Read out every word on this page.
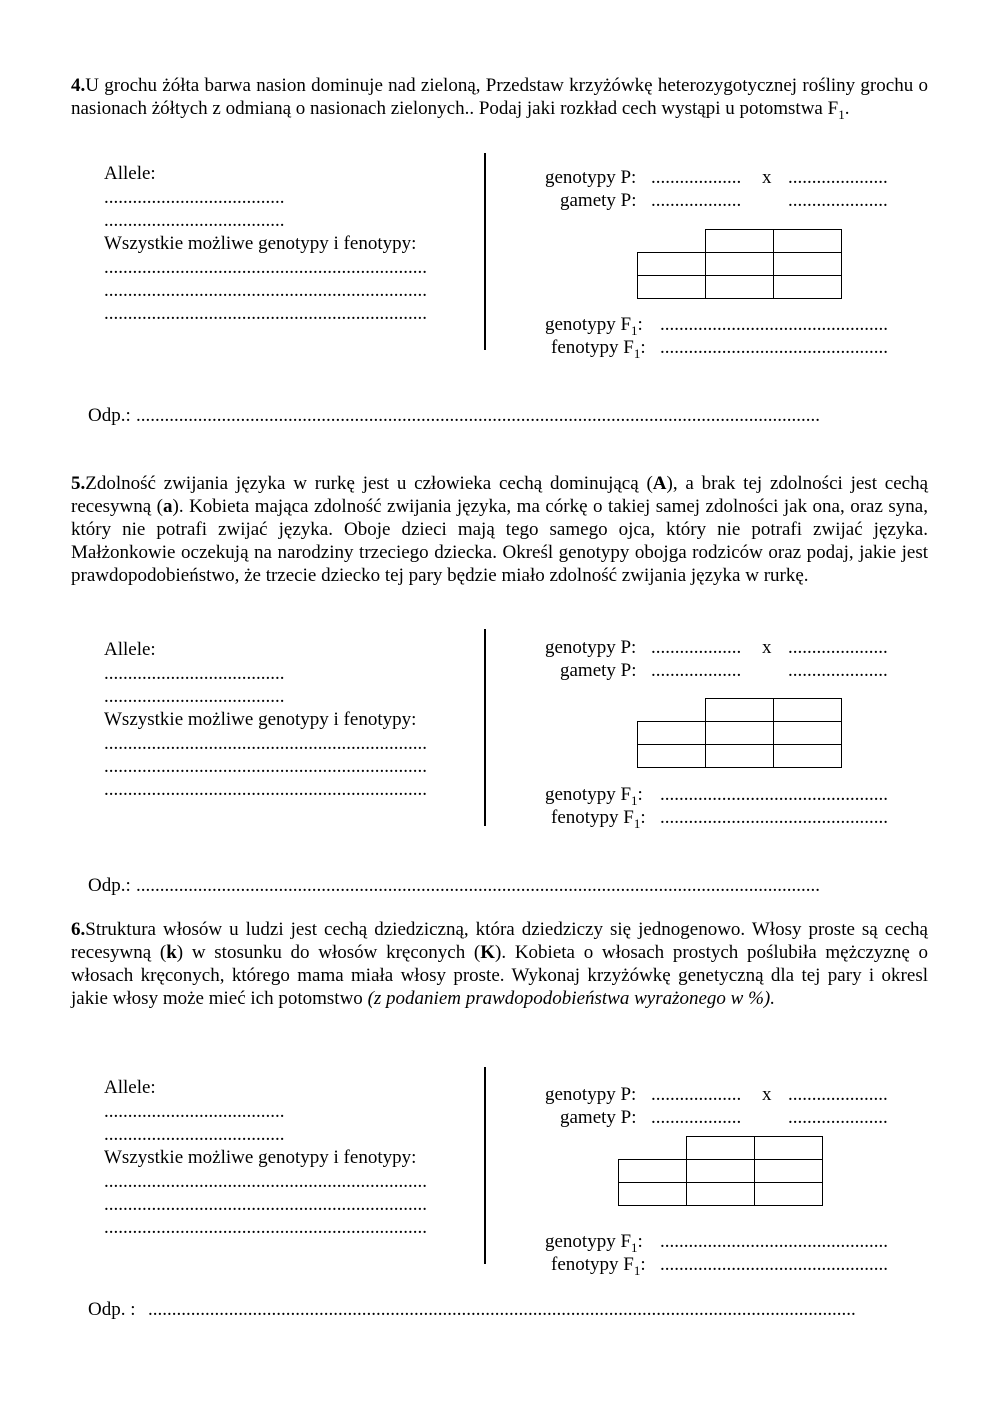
4.U grochu żółta barwa nasion dominuje nad zieloną, Przedstaw krzyżówkę heterozygotycznej rośliny grochu o nasionach żółtych z odmianą o nasionach zielonych.. Podaj jaki rozkład cech wystąpi u potomstwa $F_1$.

Allele:
......................................
......................................
Wszystkie możliwe genotypy i fenotypy:
....................................................................
....................................................................
....................................................................
genotypy P: ................... x .....................
gamety P: ................... .....................

genotypy $F_1$: ................................................
fenotypy $F_1$: ................................................
Odp.: ................................................................................................................................................

5.Zdolność zwijania języka w rurkę jest u człowieka cechą dominującą (A), a brak tej zdolności jest cechą recesywną (a). Kobieta mająca zdolność zwijania języka, ma córkę o takiej samej zdolności jak ona, oraz syna, który nie potrafi zwijać języka. Oboje dzieci mają tego samego ojca, który nie potrafi zwijać języka. Małżonkowie oczekują na narodziny trzeciego dziecka. Określ genotypy obojga rodziców oraz podaj, jakie jest prawdopodobieństwo, że trzecie dziecko tej pary będzie miało zdolność zwijania języka w rurkę.

Allele:
......................................
......................................
Wszystkie możliwe genotypy i fenotypy:
....................................................................
....................................................................
....................................................................
genotypy P: ................... x .....................
gamety P: ................... .....................

genotypy $F_1$: ................................................
fenotypy $F_1$: ................................................
Odp.: ................................................................................................................................................

6.Struktura włosów u ludzi jest cechą dziedziczną, która dziedziczy się jednogenowo. Włosy proste są cechą recesywną (k) w stosunku do włosów kręconych (K). Kobieta o włosach prostych poślubiła mężczyznę o włosach kręconych, którego mama miała włosy proste. Wykonaj krzyżówkę genetyczną dla tej pary i okresl jakie włosy może mieć ich potomstwo (z podaniem prawdopodobieństwa wyrażonego w %).

Allele:
......................................
......................................
Wszystkie możliwe genotypy i fenotypy:
....................................................................
....................................................................
....................................................................
genotypy P: ................... x .....................
gamety P: ................... .....................

genotypy $F_1$: ................................................
fenotypy $F_1$: ................................................
Odp. : .....................................................................................................................................................
